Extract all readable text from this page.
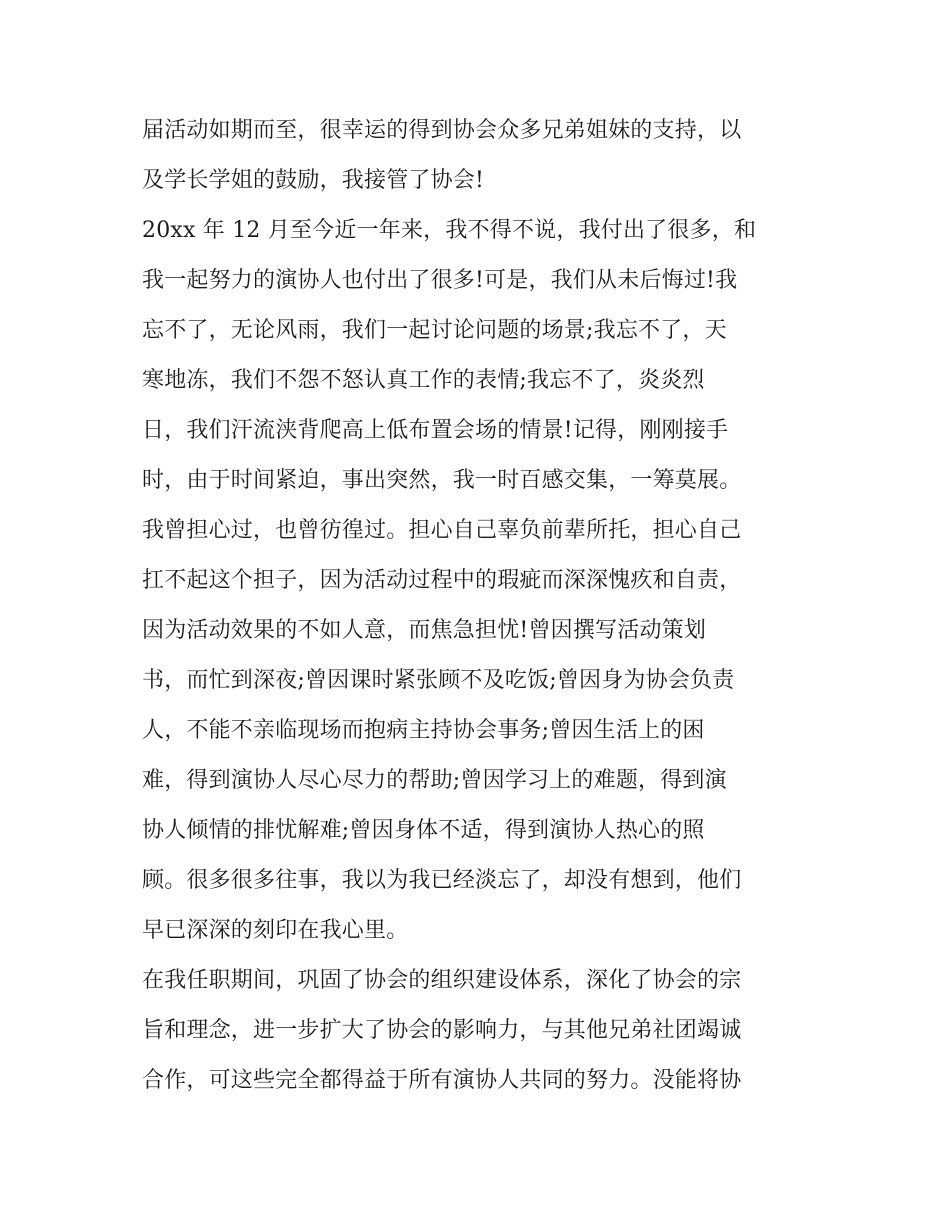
届活动如期而至，很幸运的得到协会众多兄弟姐妹的支持，以

及学长学姐的鼓励，我接管了协会!

20xx 年 12 月至今近一年来，我不得不说，我付出了很多，和

我一起努力的演协人也付出了很多!可是，我们从未后悔过!我

忘不了，无论风雨，我们一起讨论问题的场景;我忘不了，天

寒地冻，我们不怨不怒认真工作的表情;我忘不了，炎炎烈

日，我们汗流浃背爬高上低布置会场的情景!记得，刚刚接手

时，由于时间紧迫，事出突然，我一时百感交集，一筹莫展。

我曾担心过，也曾彷徨过。担心自己辜负前辈所托，担心自己

扛不起这个担子，因为活动过程中的瑕疵而深深愧疚和自责，

因为活动效果的不如人意，而焦急担忧!曾因撰写活动策划

书，而忙到深夜;曾因课时紧张顾不及吃饭;曾因身为协会负责

人，不能不亲临现场而抱病主持协会事务;曾因生活上的困

难，得到演协人尽心尽力的帮助;曾因学习上的难题，得到演

协人倾情的排忧解难;曾因身体不适，得到演协人热心的照

顾。很多很多往事，我以为我已经淡忘了，却没有想到，他们

早已深深的刻印在我心里。

在我任职期间，巩固了协会的组织建设体系，深化了协会的宗

旨和理念，进一步扩大了协会的影响力，与其他兄弟社团竭诚

合作，可这些完全都得益于所有演协人共同的努力。没能将协
